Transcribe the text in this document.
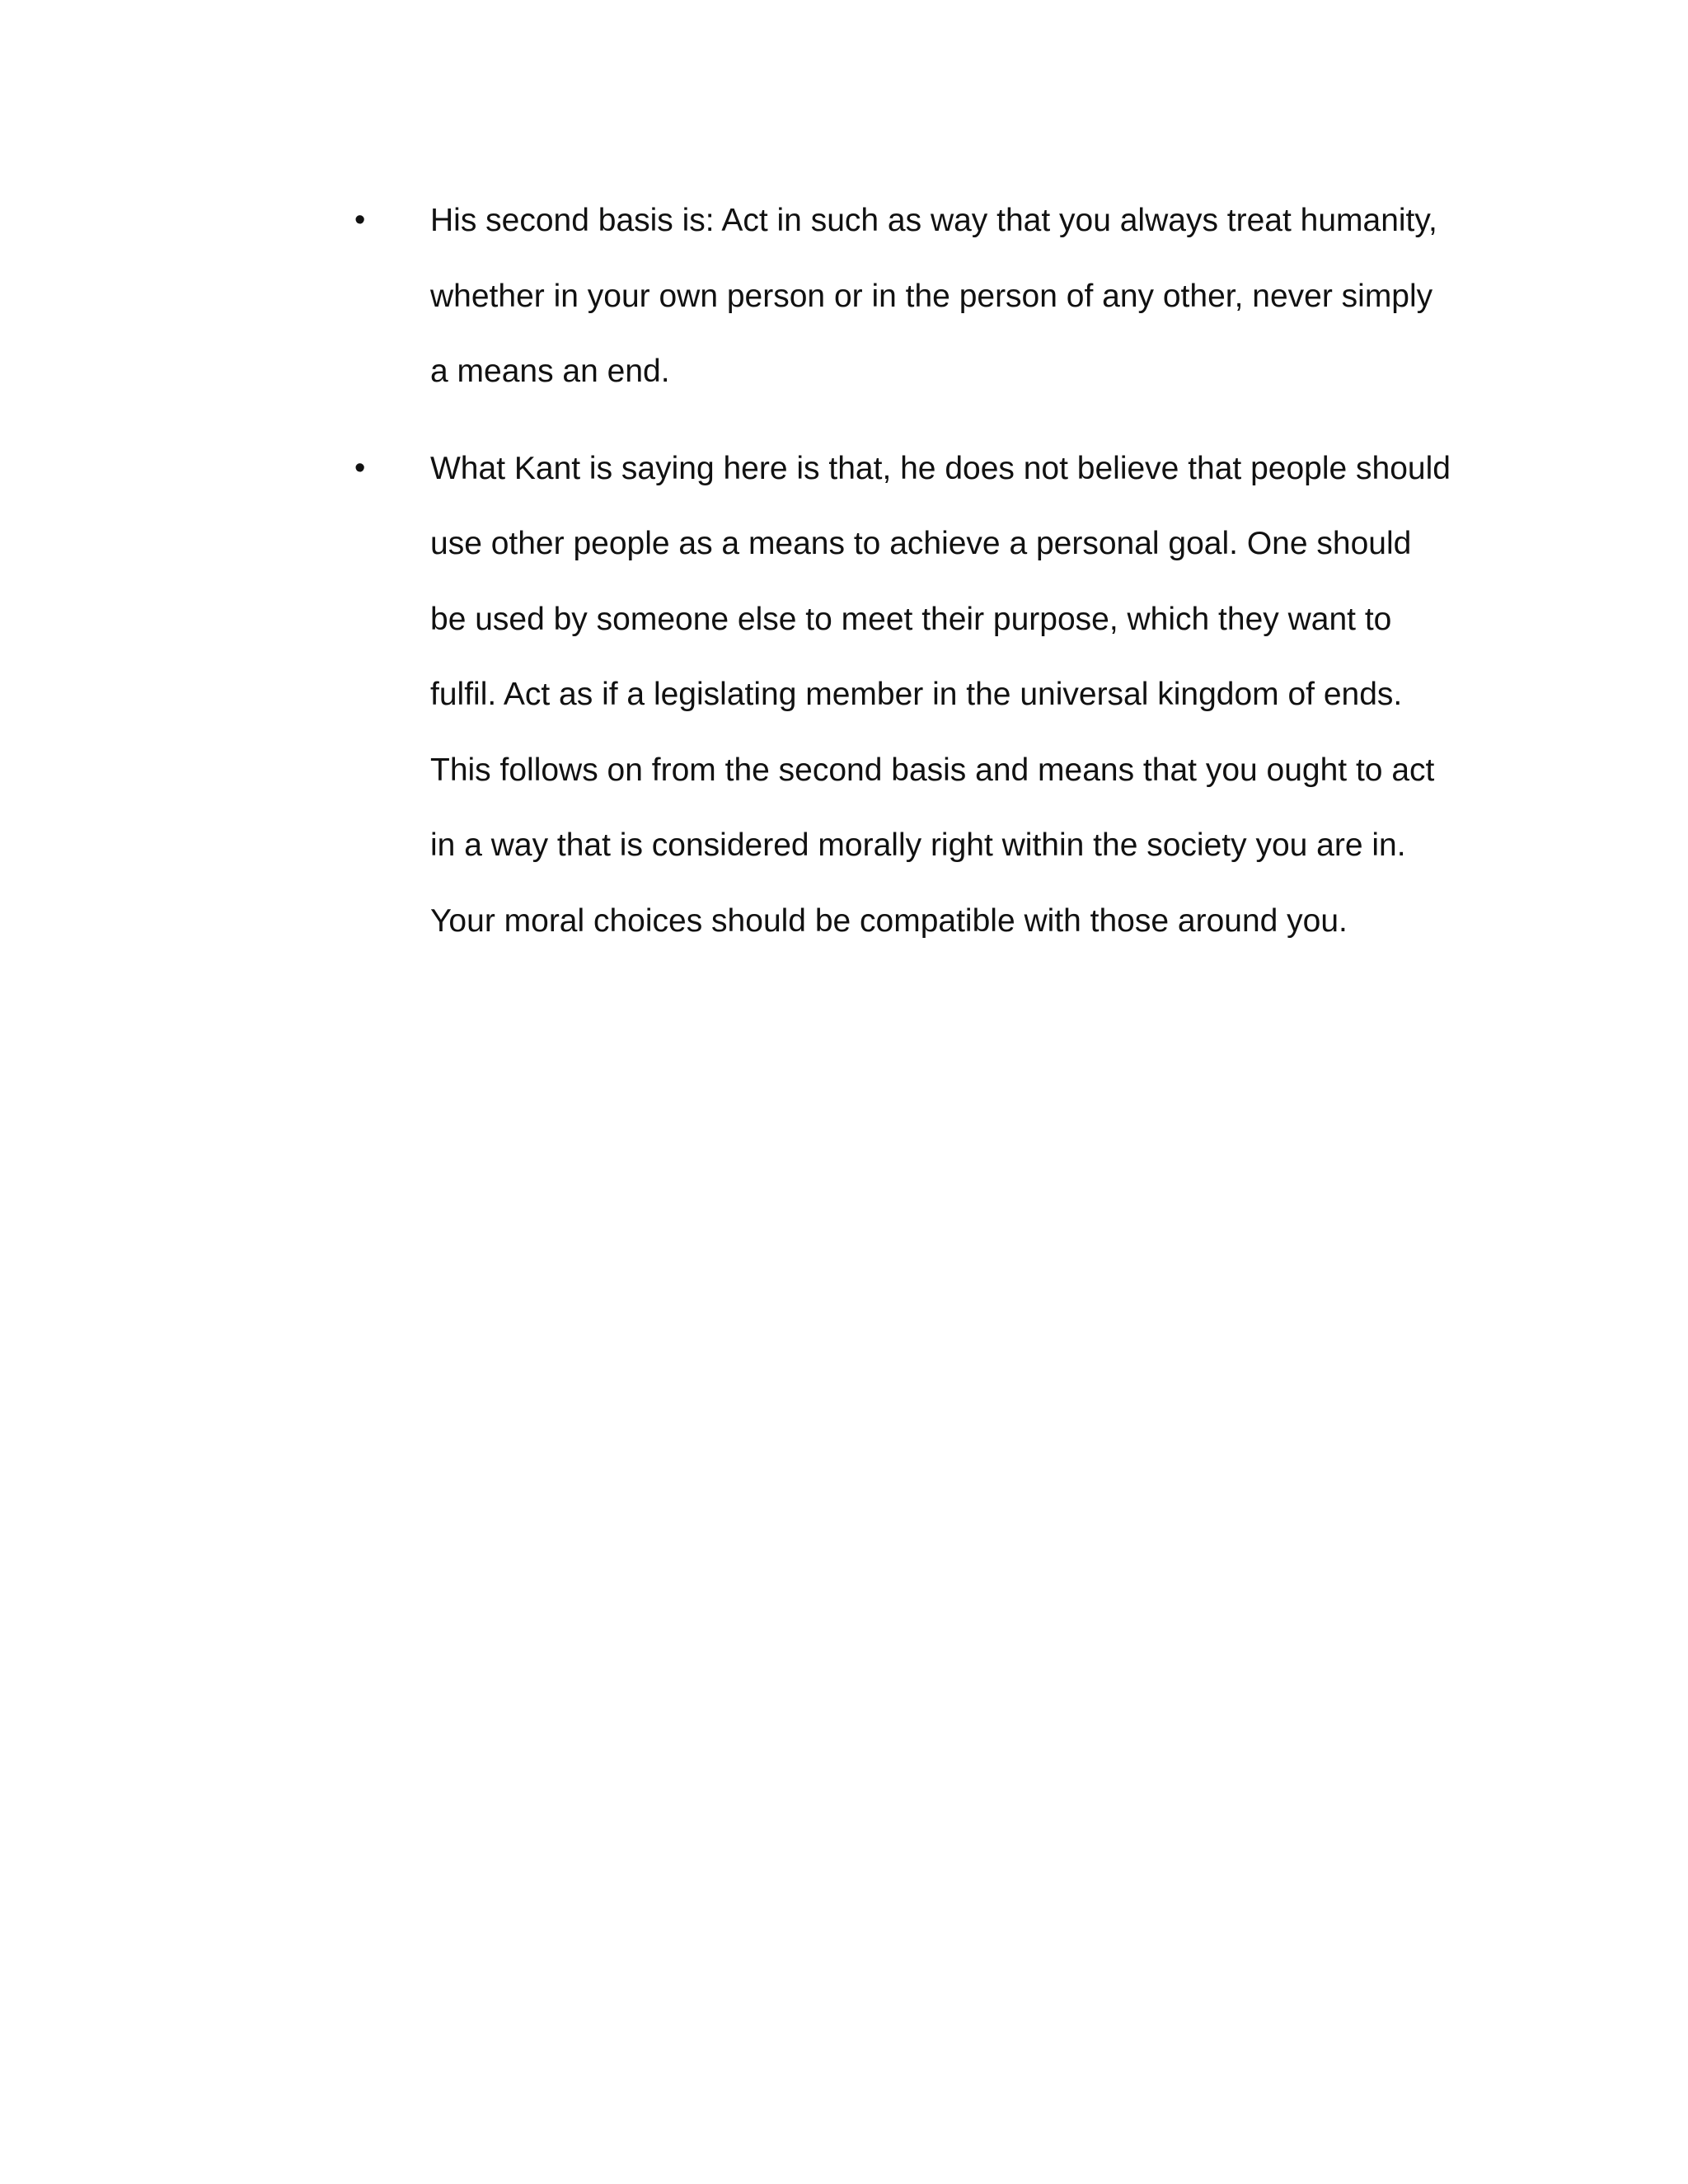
• His second basis is: Act in such as way that you always treat humanity,
whether in your own person or in the person of any other, never simply
a means an end.
• What Kant is saying here is that, he does not believe that people should
use other people as a means to achieve a personal goal. One should
be used by someone else to meet their purpose, which they want to
fulfil. Act as if a legislating member in the universal kingdom of ends.
This follows on from the second basis and means that you ought to act
in a way that is considered morally right within the society you are in.
Your moral choices should be compatible with those around you.
